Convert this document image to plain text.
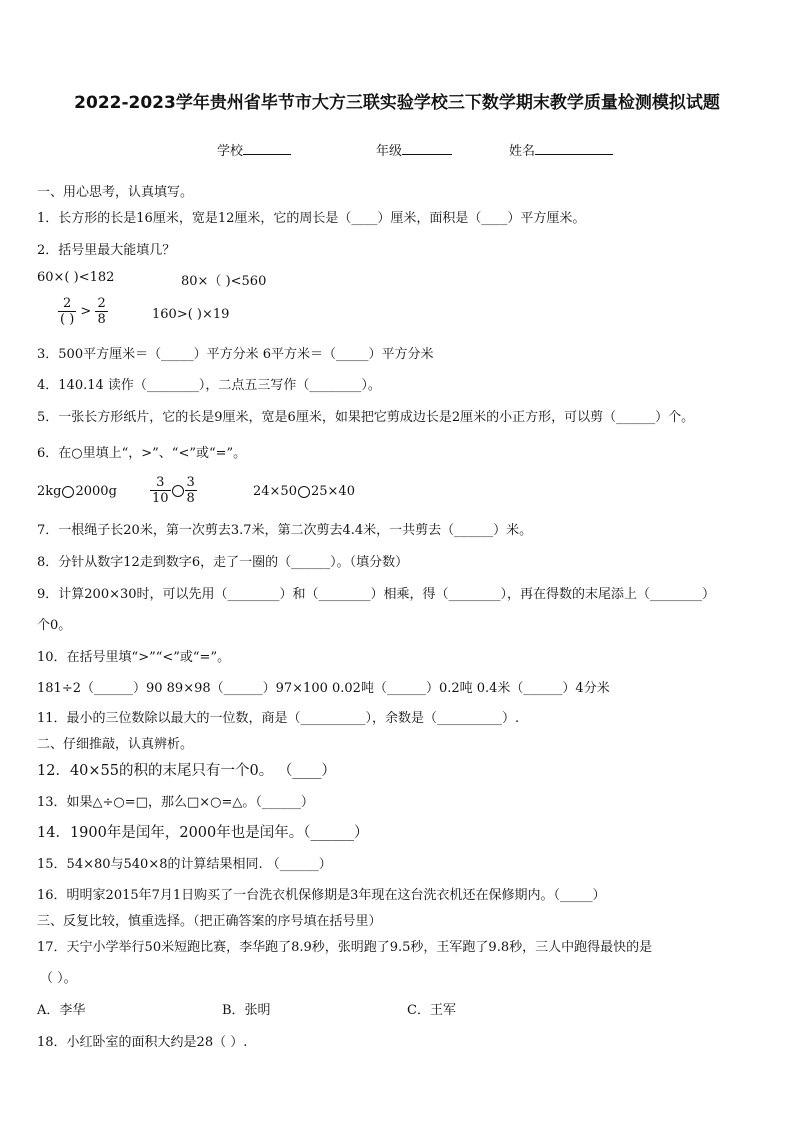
2022-2023学年贵州省毕节市大方三联实验学校三下数学期末教学质量检测模拟试题
学校	年级	姓名
一、用心思考，认真填写。
1．长方形的长是16厘米，宽是12厘米，它的周长是（____）厘米，面积是（____）平方厘米。
2．括号里最大能填几？
60×( )<182	80×（ )<560
$\frac{2}{( )} > \frac{2}{8}$	160>( )×19
3．500平方厘米＝（_____）平方分米 6平方米＝（_____）平方分米
4．140.14 读作（________），二点五三写作（________）。
5．一张长方形纸片，它的长是9厘米，宽是6厘米，如果把它剪成边长是2厘米的小正方形，可以剪（______）个。
6．在○里填上“，>”、“<”或“=”。
2kg 2000g	$\frac{3}{10} \frac{3}{8}$	24×50 25×40
7．一根绳子长20米，第一次剪去3.7米，第二次剪去4.4米，一共剪去（______）米。
8．分针从数字12走到数字6，走了一圈的（______）。（填分数）
9．计算200×30时，可以先用（________）和（________）相乘，得（________），再在得数的末尾添上（________）
个0。
10．在括号里填“>”“<”或“=”。
181÷2（______）90 89×98（______）97×100 0.02吨（______）0.2吨 0.4米（______）4分米
11．最小的三位数除以最大的一位数，商是（__________），余数是（__________）.
二、仔细推敲，认真辨析。
12．40×55的积的末尾只有一个0。 （____）
13．如果△÷○=□，那么□×○=△。（______）
14．1900年是闰年，2000年也是闰年。（______）
15．54×80与540×8的计算结果相同. （______）
16．明明家2015年7月1日购买了一台洗衣机保修期是3年现在这台洗衣机还在保修期内。（_____）
三、反复比较，慎重选择。（把正确答案的序号填在括号里）
17．天宁小学举行50米短跑比赛，李华跑了8.9秒，张明跑了9.5秒，王军跑了9.8秒，三人中跑得最快的是
（ ）。
A．李华	B．张明	C．王军
18．小红卧室的面积大约是28（ ）.
